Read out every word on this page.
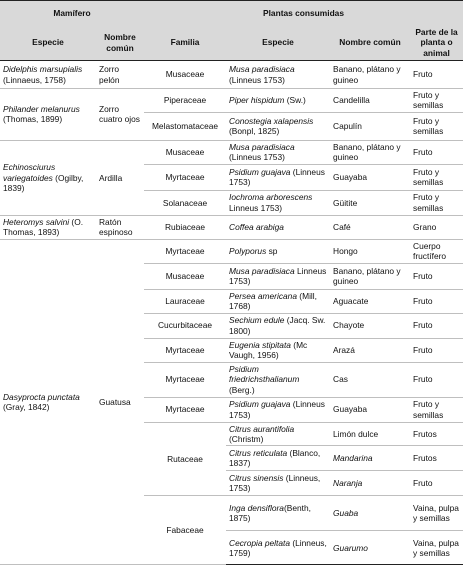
Mamífero		Plantas consumidas			
Especie	Nombre común	Familia	Especie	Nombre común	Parte de la planta o animal
Didelphis marsupialis (Linnaeus, 1758)	Zorro pelón	Musaceae	Musa paradisiaca (Linneus 1753)	Banano, plátano y guineo	Fruto
Philander melanurus (Thomas, 1899)	Zorro cuatro ojos	Piperaceae	Piper hispidum (Sw.)	Candelilla	Fruto y semillas
		Melastomataceae	Conostegia xalapensis (Bonpl, 1825)	Capulín	Fruto y semillas
Echinosciurus variegatoides (Ogilby, 1839)	Ardilla	Musaceae	Musa paradisiaca (Linneus 1753)	Banano, plátano y guineo	Fruto
		Myrtaceae	Psidium guajava (Linneus 1753)	Guayaba	Fruto y semillas
		Solanaceae	Iochroma arborescens Linneus 1753)	Güitite	Fruto y semillas
Heteromys salvini (O. Thomas, 1893)	Ratón espinoso	Rubiaceae	Coffea arabiga	Café	Grano
Dasyprocta punctata (Gray, 1842)	Guatusa	Myrtaceae	Polyporus sp	Hongo	Cuerpo fructífero
		Musaceae	Musa paradisiaca Linneus 1753)	Banano, plátano y guineo	Fruto
		Lauraceae	Persea americana (Mill, 1768)	Aguacate	Fruto
		Cucurbitaceae	Sechium edule (Jacq. Sw. 1800)	Chayote	Fruto
		Myrtaceae	Eugenia stipitata (Mc Vaugh, 1956)	Arazá	Fruto
		Myrtaceae	Psidium friedrichsthalianum (Berg.)	Cas	Fruto
		Myrtaceae	Psidium guajava (Linneus 1753)	Guayaba	Fruto y semillas
		Rutaceae	Citrus aurantifolia (Christm)	Limón dulce	Frutos
			Citrus reticulata (Blanco, 1837)	Mandarina	Frutos
			Citrus sinensis (Linneus, 1753)	Naranja	Fruto
		Fabaceae	Inga densiflora(Benth, 1875)	Guaba	Vaina, pulpa y semillas
			Cecropia peltata (Linneus, 1759)	Guarumo	Vaina, pulpa y semillas
